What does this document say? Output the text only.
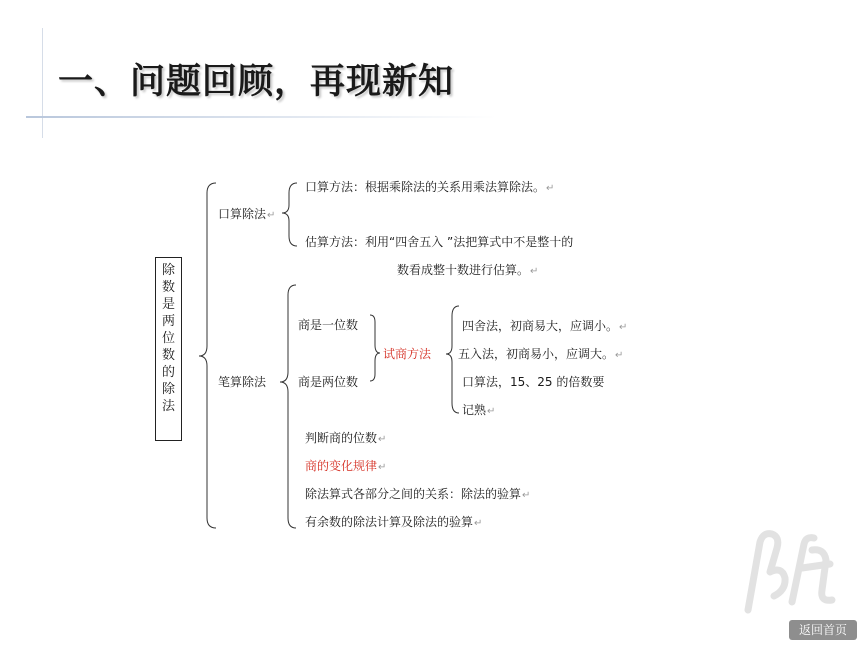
一、问题回顾，再现新知
除
数
是
两
位
数
的
除
法
口算除法↵
口算方法：根据乘除法的关系用乘法算除法。↵
估算方法：利用“四舍五入 ”法把算式中不是整十的
数看成整十数进行估算。↵
笔算除法
商是一位数
商是两位数
试商方法
四舍法，初商易大，应调小。↵
五入法，初商易小，应调大。↵
口算法，15、25 的倍数要
记熟↵
判断商的位数↵
商的变化规律↵
除法算式各部分之间的关系：除法的验算↵
有余数的除法计算及除法的验算↵
返回首页
